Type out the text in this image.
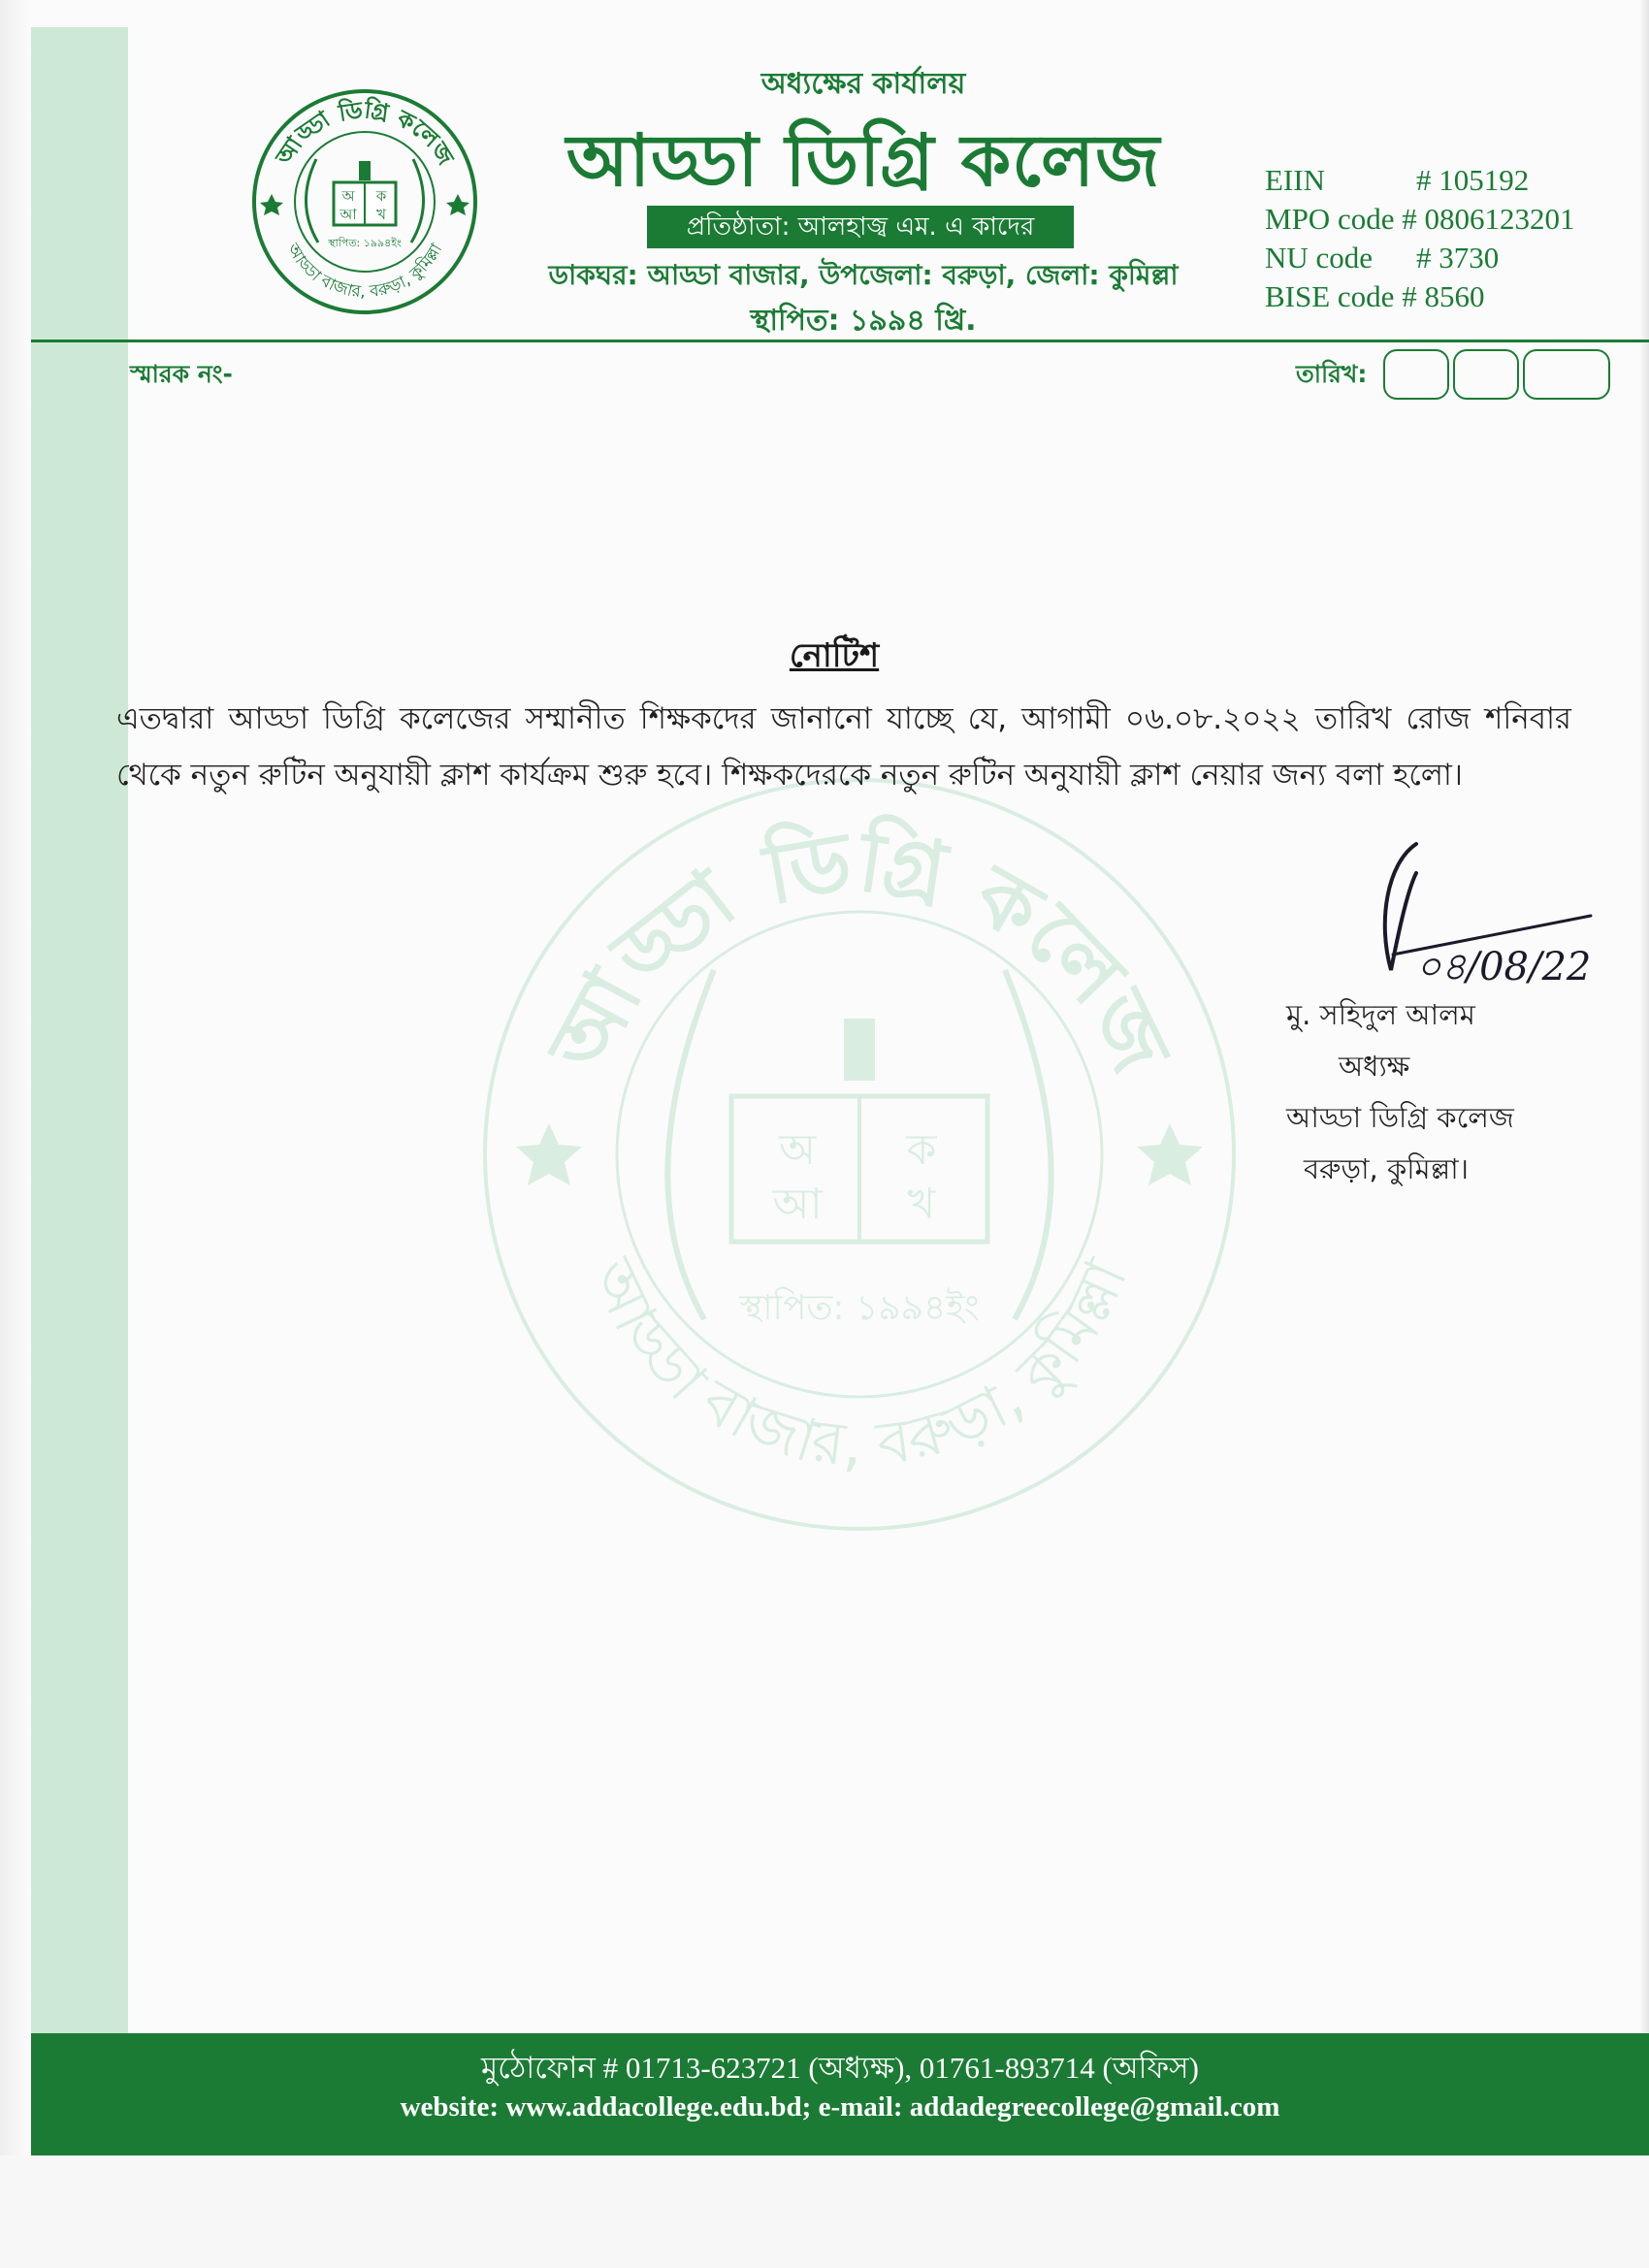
আড্ডা ডিগ্রি কলেজ
আড্ডা বাজার, বরুড়া, কুমিল্লা
অ ক
আ খ
স্থাপিত: ১৯৯৪ইং
অধ্যক্ষের কার্যালয়
আড্ডা ডিগ্রি কলেজ
প্রতিষ্ঠাতা: আলহাজ্ব এম. এ কাদের
ডাকঘর: আড্ডা বাজার, উপজেলা: বরুড়া, জেলা: কুমিল্লা
স্থাপিত: ১৯৯৪ খ্রি.
EIIN	# 105192
MPO code # 0806123201
NU code # 3730
BISE code # 8560
স্মারক নং-	তারিখ:
আড্ডা ডিগ্রি কলেজ
আড্ডা বাজার, বরুড়া, কুমিল্লা
অ ক
আ খ
স্থাপিত: ১৯৯৪ইং
নোটিশ
এতদ্বারা আড্ডা ডিগ্রি কলেজের সম্মানীত শিক্ষকদের জানানো যাচ্ছে যে, আগামী ০৬.০৮.২০২২ তারিখ রোজ শনিবার থেকে নতুন রুটিন অনুযায়ী ক্লাশ কার্যক্রম শুরু হবে। শিক্ষকদেরকে নতুন রুটিন অনুযায়ী ক্লাশ নেয়ার জন্য বলা হলো।
০৪/08/22
মু. সহিদুল আলম
অধ্যক্ষ
আড্ডা ডিগ্রি কলেজ
বরুড়া, কুমিল্লা।
মুঠোফোন # 01713-623721 (অধ্যক্ষ), 01761-893714 (অফিস)
website: www.addacollege.edu.bd; e-mail: addadegreecollege@gmail.com
